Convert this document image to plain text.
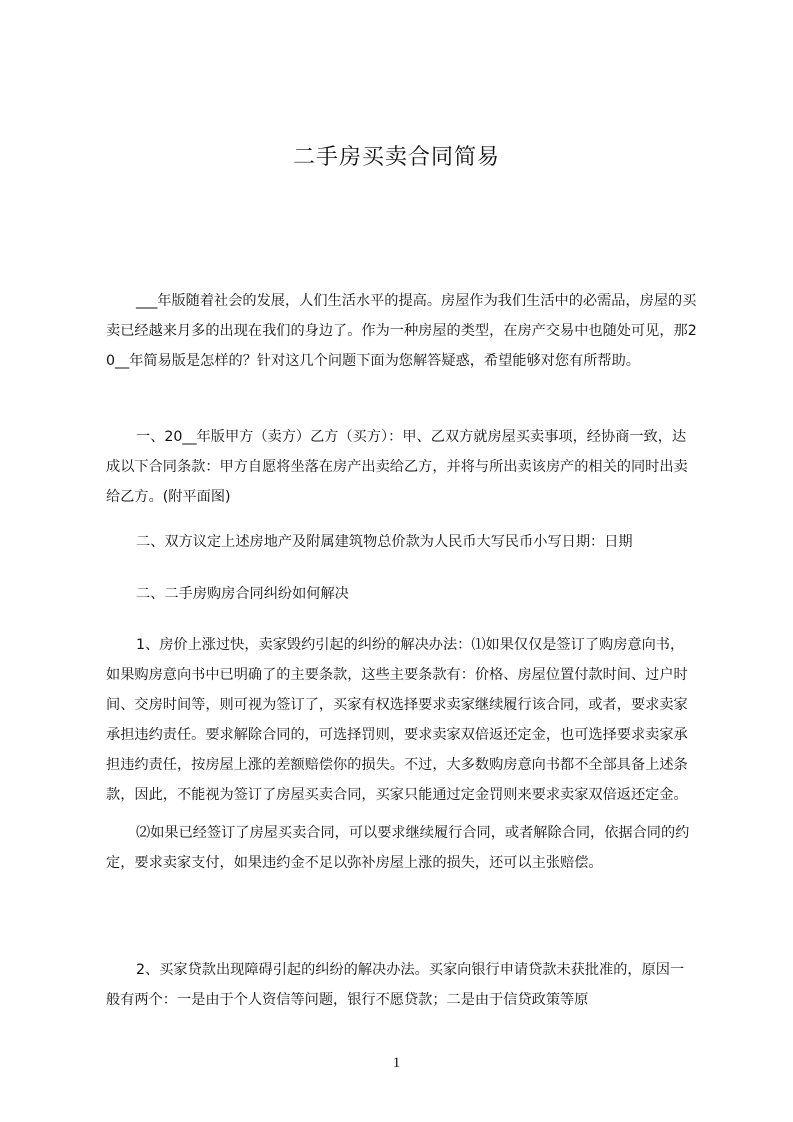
二手房买卖合同简易

___年版随着社会的发展，人们生活水平的提高。房屋作为我们生活中的必需品，房屋的买卖已经越来月多的出现在我们的身边了。作为一种房屋的类型，在房产交易中也随处可见，那20__年简易版是怎样的？针对这几个问题下面为您解答疑惑，希望能够对您有所帮助。

一、20__年版甲方（卖方）乙方（买方）：甲、乙双方就房屋买卖事项，经协商一致，达成以下合同条款：甲方自愿将坐落在房产出卖给乙方，并将与所出卖该房产的相关的同时出卖给乙方。(附平面图)

二、双方议定上述房地产及附属建筑物总价款为人民币大写民币小写日期：日期

二、二手房购房合同纠纷如何解决

1、房价上涨过快，卖家毁约引起的纠纷的解决办法：⑴如果仅仅是签订了购房意向书，如果购房意向书中已明确了的主要条款，这些主要条款有：价格、房屋位置付款时间、过户时间、交房时间等，则可视为签订了，买家有权选择要求卖家继续履行该合同，或者，要求卖家承担违约责任。要求解除合同的，可选择罚则，要求卖家双倍返还定金，也可选择要求卖家承担违约责任，按房屋上涨的差额赔偿你的损失。不过，大多数购房意向书都不全部具备上述条款，因此，不能视为签订了房屋买卖合同，买家只能通过定金罚则来要求卖家双倍返还定金。

⑵如果已经签订了房屋买卖合同，可以要求继续履行合同，或者解除合同，依据合同的约定，要求卖家支付，如果违约金不足以弥补房屋上涨的损失，还可以主张赔偿。

2、买家贷款出现障碍引起的纠纷的解决办法。买家向银行申请贷款未获批准的，原因一般有两个：一是由于个人资信等问题，银行不愿贷款；二是由于信贷政策等原

1
